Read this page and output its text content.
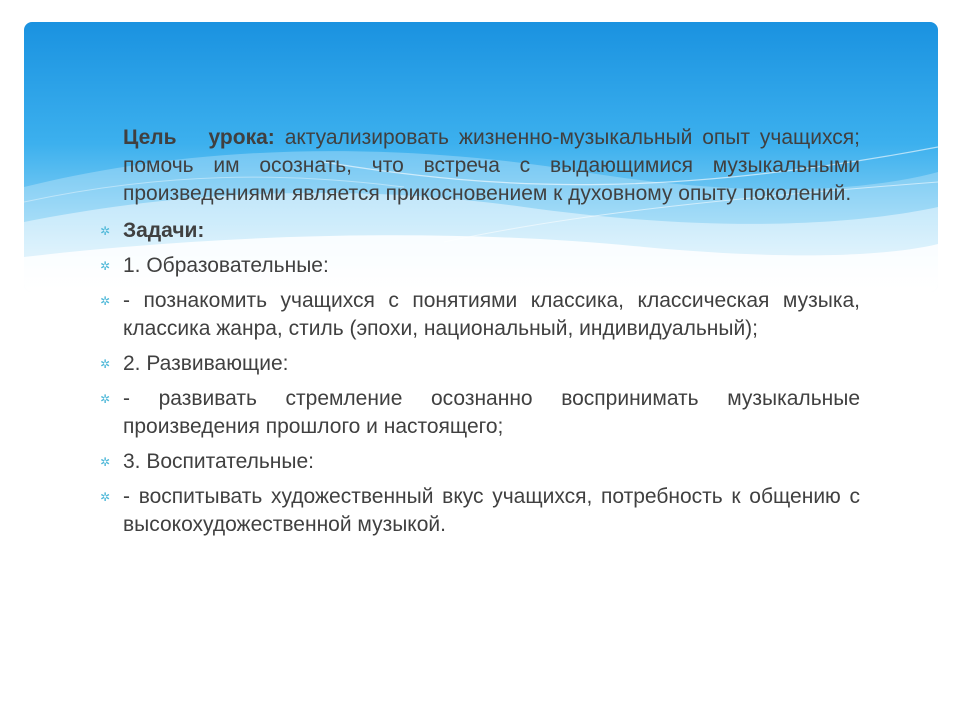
Цель урока: актуализировать жизненно-музыкальный опыт учащихся; помочь им осознать, что встреча с выдающимися музыкальными произведениями является прикосновением к духовному опыту поколений.
✲ Задачи:
✲ 1. Образовательные:
✲ - познакомить учащихся с понятиями классика, классическая музыка, классика жанра, стиль (эпохи, национальный, индивидуальный);
✲ 2. Развивающие:
✲ - развивать стремление осознанно воспринимать музыкальные произведения прошлого и настоящего;
✲ 3. Воспитательные:
✲ - воспитывать художественный вкус учащихся, потребность к общению с высокохудожественной музыкой.
